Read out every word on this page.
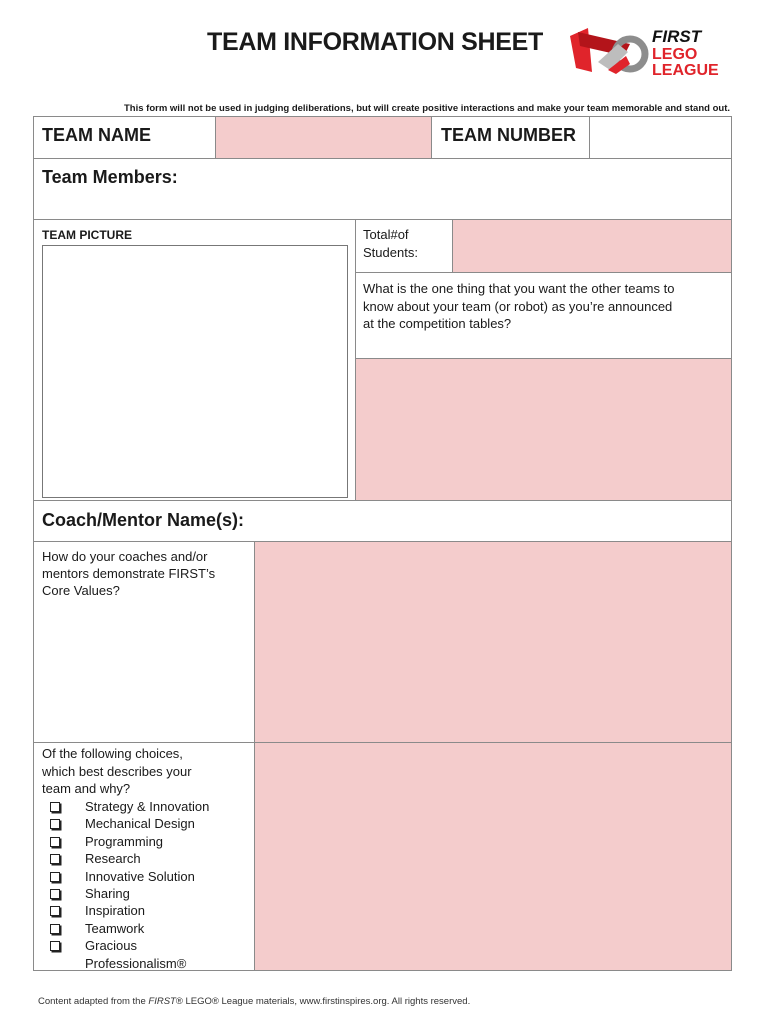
TEAM INFORMATION SHEET	FIRST
LEGO
LEAGUE
This form will not be used in judging deliberations, but will create positive interactions and make your team memorable and stand out.
TEAM NAME	TEAM NUMBER
Team Members:
TEAM PICTURE	Total#of
Students:
What is the one thing that you want the other teams to
know about your team (or robot) as you’re announced
at the competition tables?
Coach/Mentor Name(s):
How do your coaches and/or
mentors demonstrate FIRST’s
Core Values?
Of the following choices,
which best describes your
team and why?
Strategy & Innovation
Mechanical Design
Programming
Research
Innovative Solution
Sharing
Inspiration
Teamwork
Gracious
Professionalism®
Content adapted from the FIRST® LEGO® League materials, www.firstinspires.org. All rights reserved.
